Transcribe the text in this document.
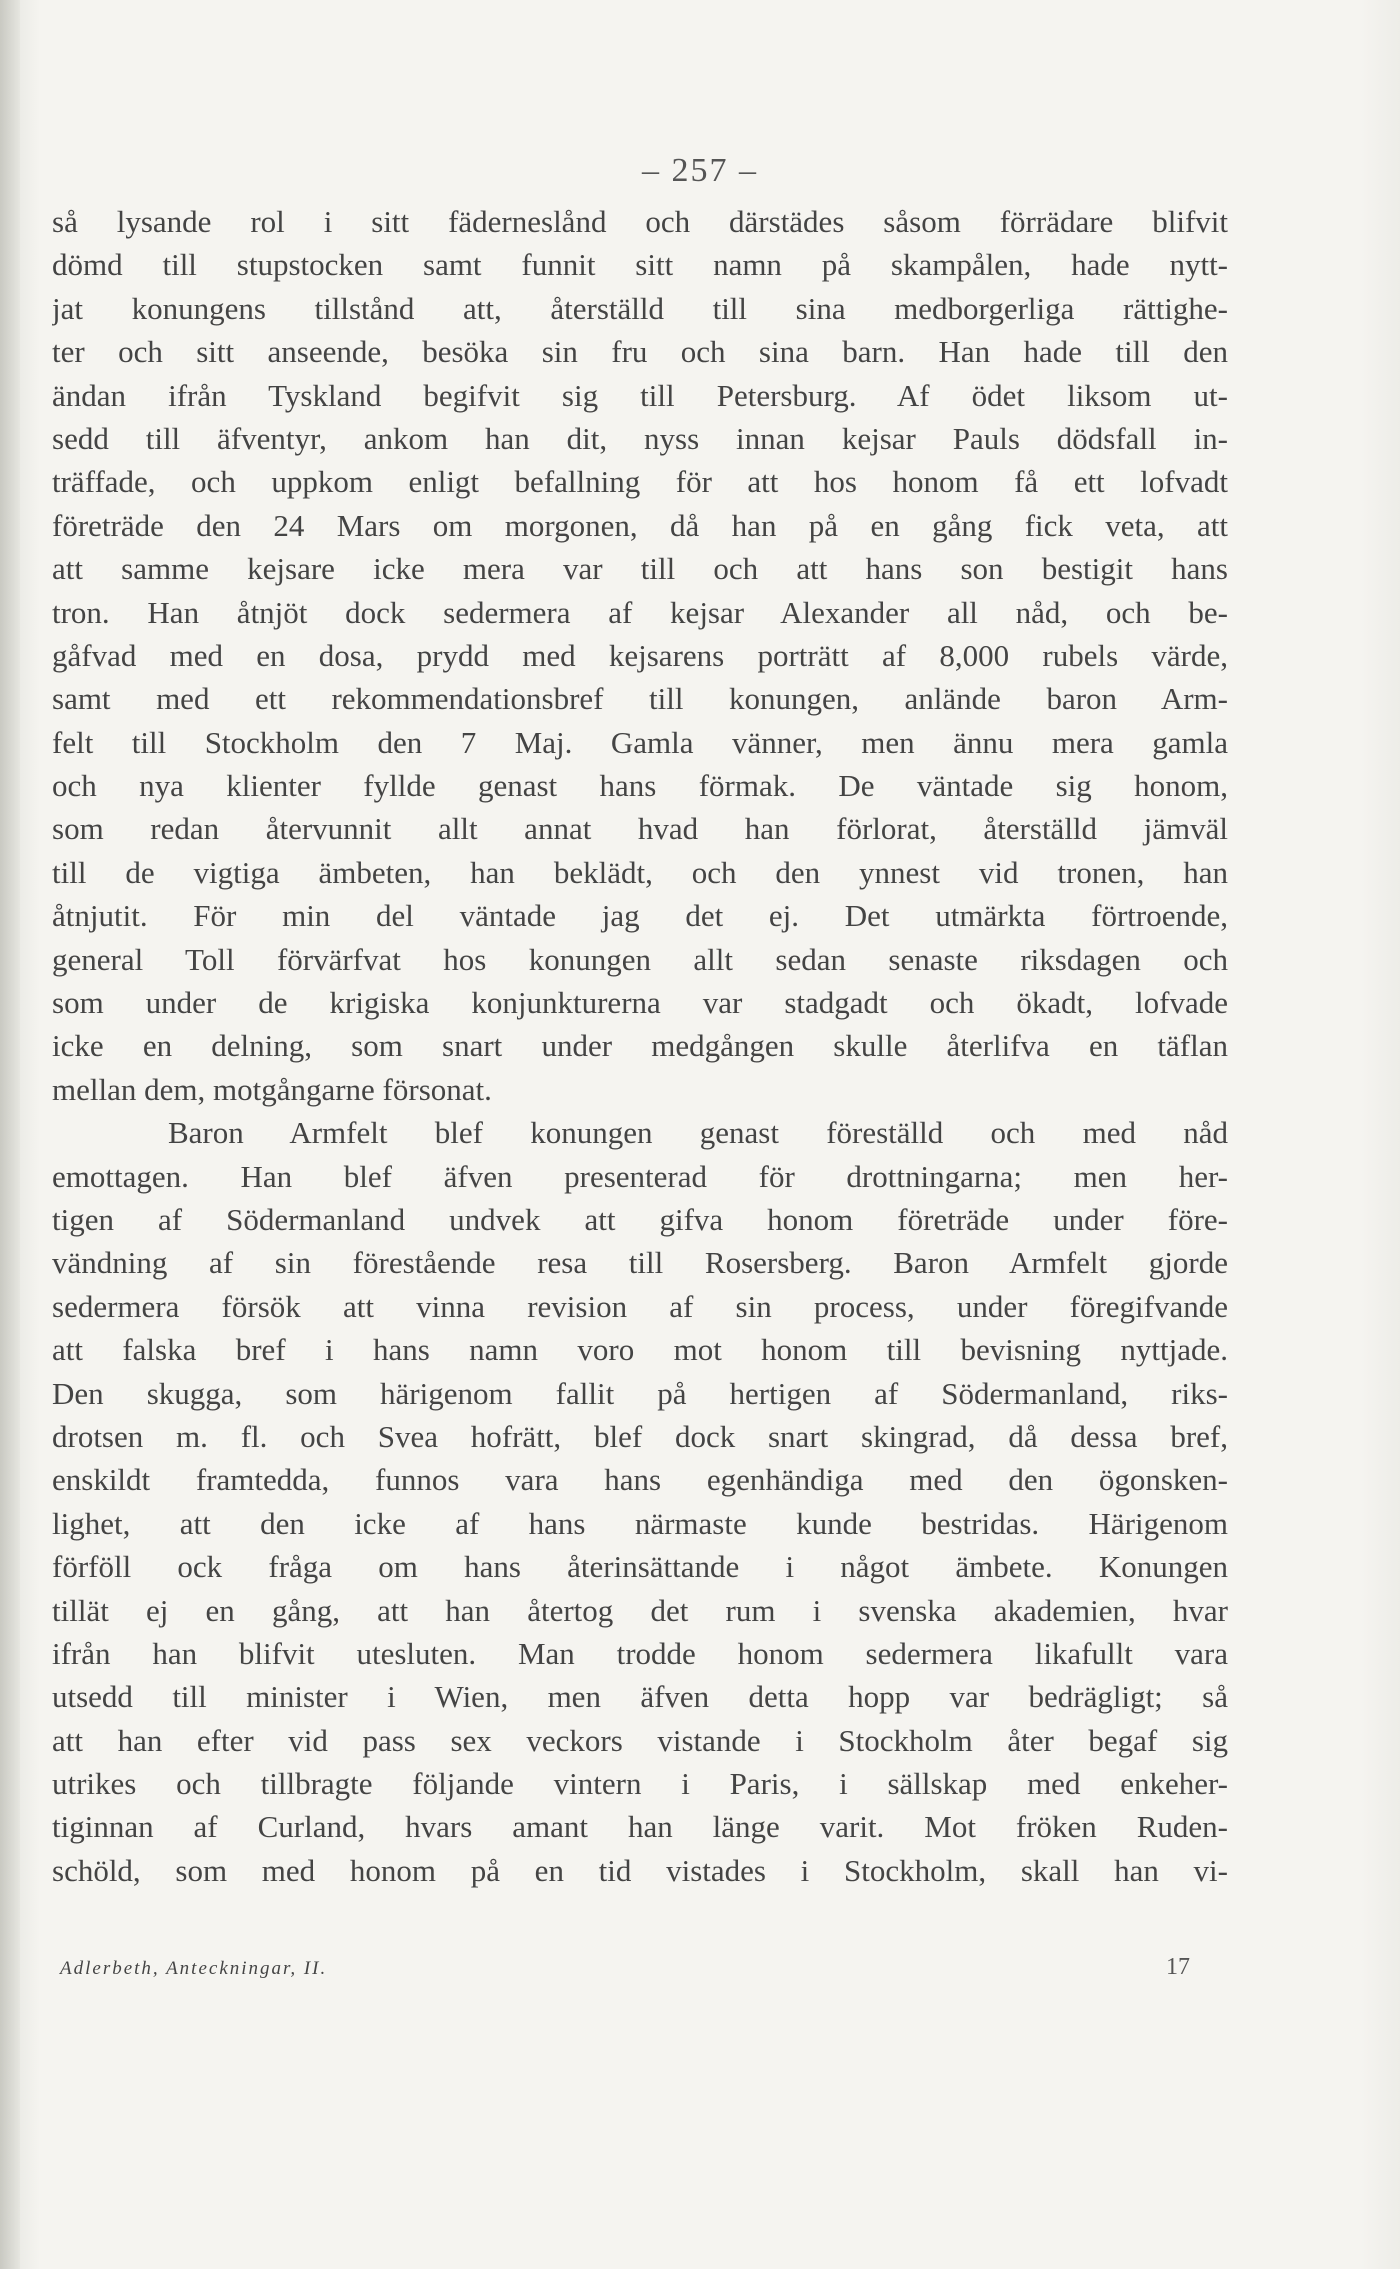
– 257 –
så lysande rol i sitt fäderneslånd och därstädes såsom förrädare blifvit
dömd till stupstocken samt funnit sitt namn på skampålen, hade nytt-
jat konungens tillstånd att, återställd till sina medborgerliga rättighe-
ter och sitt anseende, besöka sin fru och sina barn. Han hade till den
ändan ifrån Tyskland begifvit sig till Petersburg. Af ödet liksom ut-
sedd till äfventyr, ankom han dit, nyss innan kejsar Pauls dödsfall in-
träffade, och uppkom enligt befallning för att hos honom få ett lofvadt
företräde den 24 Mars om morgonen, då han på en gång fick veta, att
att samme kejsare icke mera var till och att hans son bestigit hans
tron. Han åtnjöt dock sedermera af kejsar Alexander all nåd, och be-
gåfvad med en dosa, prydd med kejsarens porträtt af 8,000 rubels värde,
samt med ett rekommendationsbref till konungen, anlände baron Arm-
felt till Stockholm den 7 Maj. Gamla vänner, men ännu mera gamla
och nya klienter fyllde genast hans förmak. De väntade sig honom,
som redan återvunnit allt annat hvad han förlorat, återställd jämväl
till de vigtiga ämbeten, han beklädt, och den ynnest vid tronen, han
åtnjutit. För min del väntade jag det ej. Det utmärkta förtroende,
general Toll förvärfvat hos konungen allt sedan senaste riksdagen och
som under de krigiska konjunkturerna var stadgadt och ökadt, lofvade
icke en delning, som snart under medgången skulle återlifva en täflan
mellan dem, motgångarne försonat.
Baron Armfelt blef konungen genast föreställd och med nåd
emottagen. Han blef äfven presenterad för drottningarna; men her-
tigen af Södermanland undvek att gifva honom företräde under före-
vändning af sin förestående resa till Rosersberg. Baron Armfelt gjorde
sedermera försök att vinna revision af sin process, under föregifvande
att falska bref i hans namn voro mot honom till bevisning nyttjade.
Den skugga, som härigenom fallit på hertigen af Södermanland, riks-
drotsen m. fl. och Svea hofrätt, blef dock snart skingrad, då dessa bref,
enskildt framtedda, funnos vara hans egenhändiga med den ögonsken-
lighet, att den icke af hans närmaste kunde bestridas. Härigenom
förföll ock fråga om hans återinsättande i något ämbete. Konungen
tillät ej en gång, att han återtog det rum i svenska akademien, hvar
ifrån han blifvit utesluten. Man trodde honom sedermera likafullt vara
utsedd till minister i Wien, men äfven detta hopp var bedrägligt; så
att han efter vid pass sex veckors vistande i Stockholm åter begaf sig
utrikes och tillbragte följande vintern i Paris, i sällskap med enkeher-
tiginnan af Curland, hvars amant han länge varit. Mot fröken Ruden-
schöld, som med honom på en tid vistades i Stockholm, skall han vi-
Adlerbeth, Anteckningar, II.	17
